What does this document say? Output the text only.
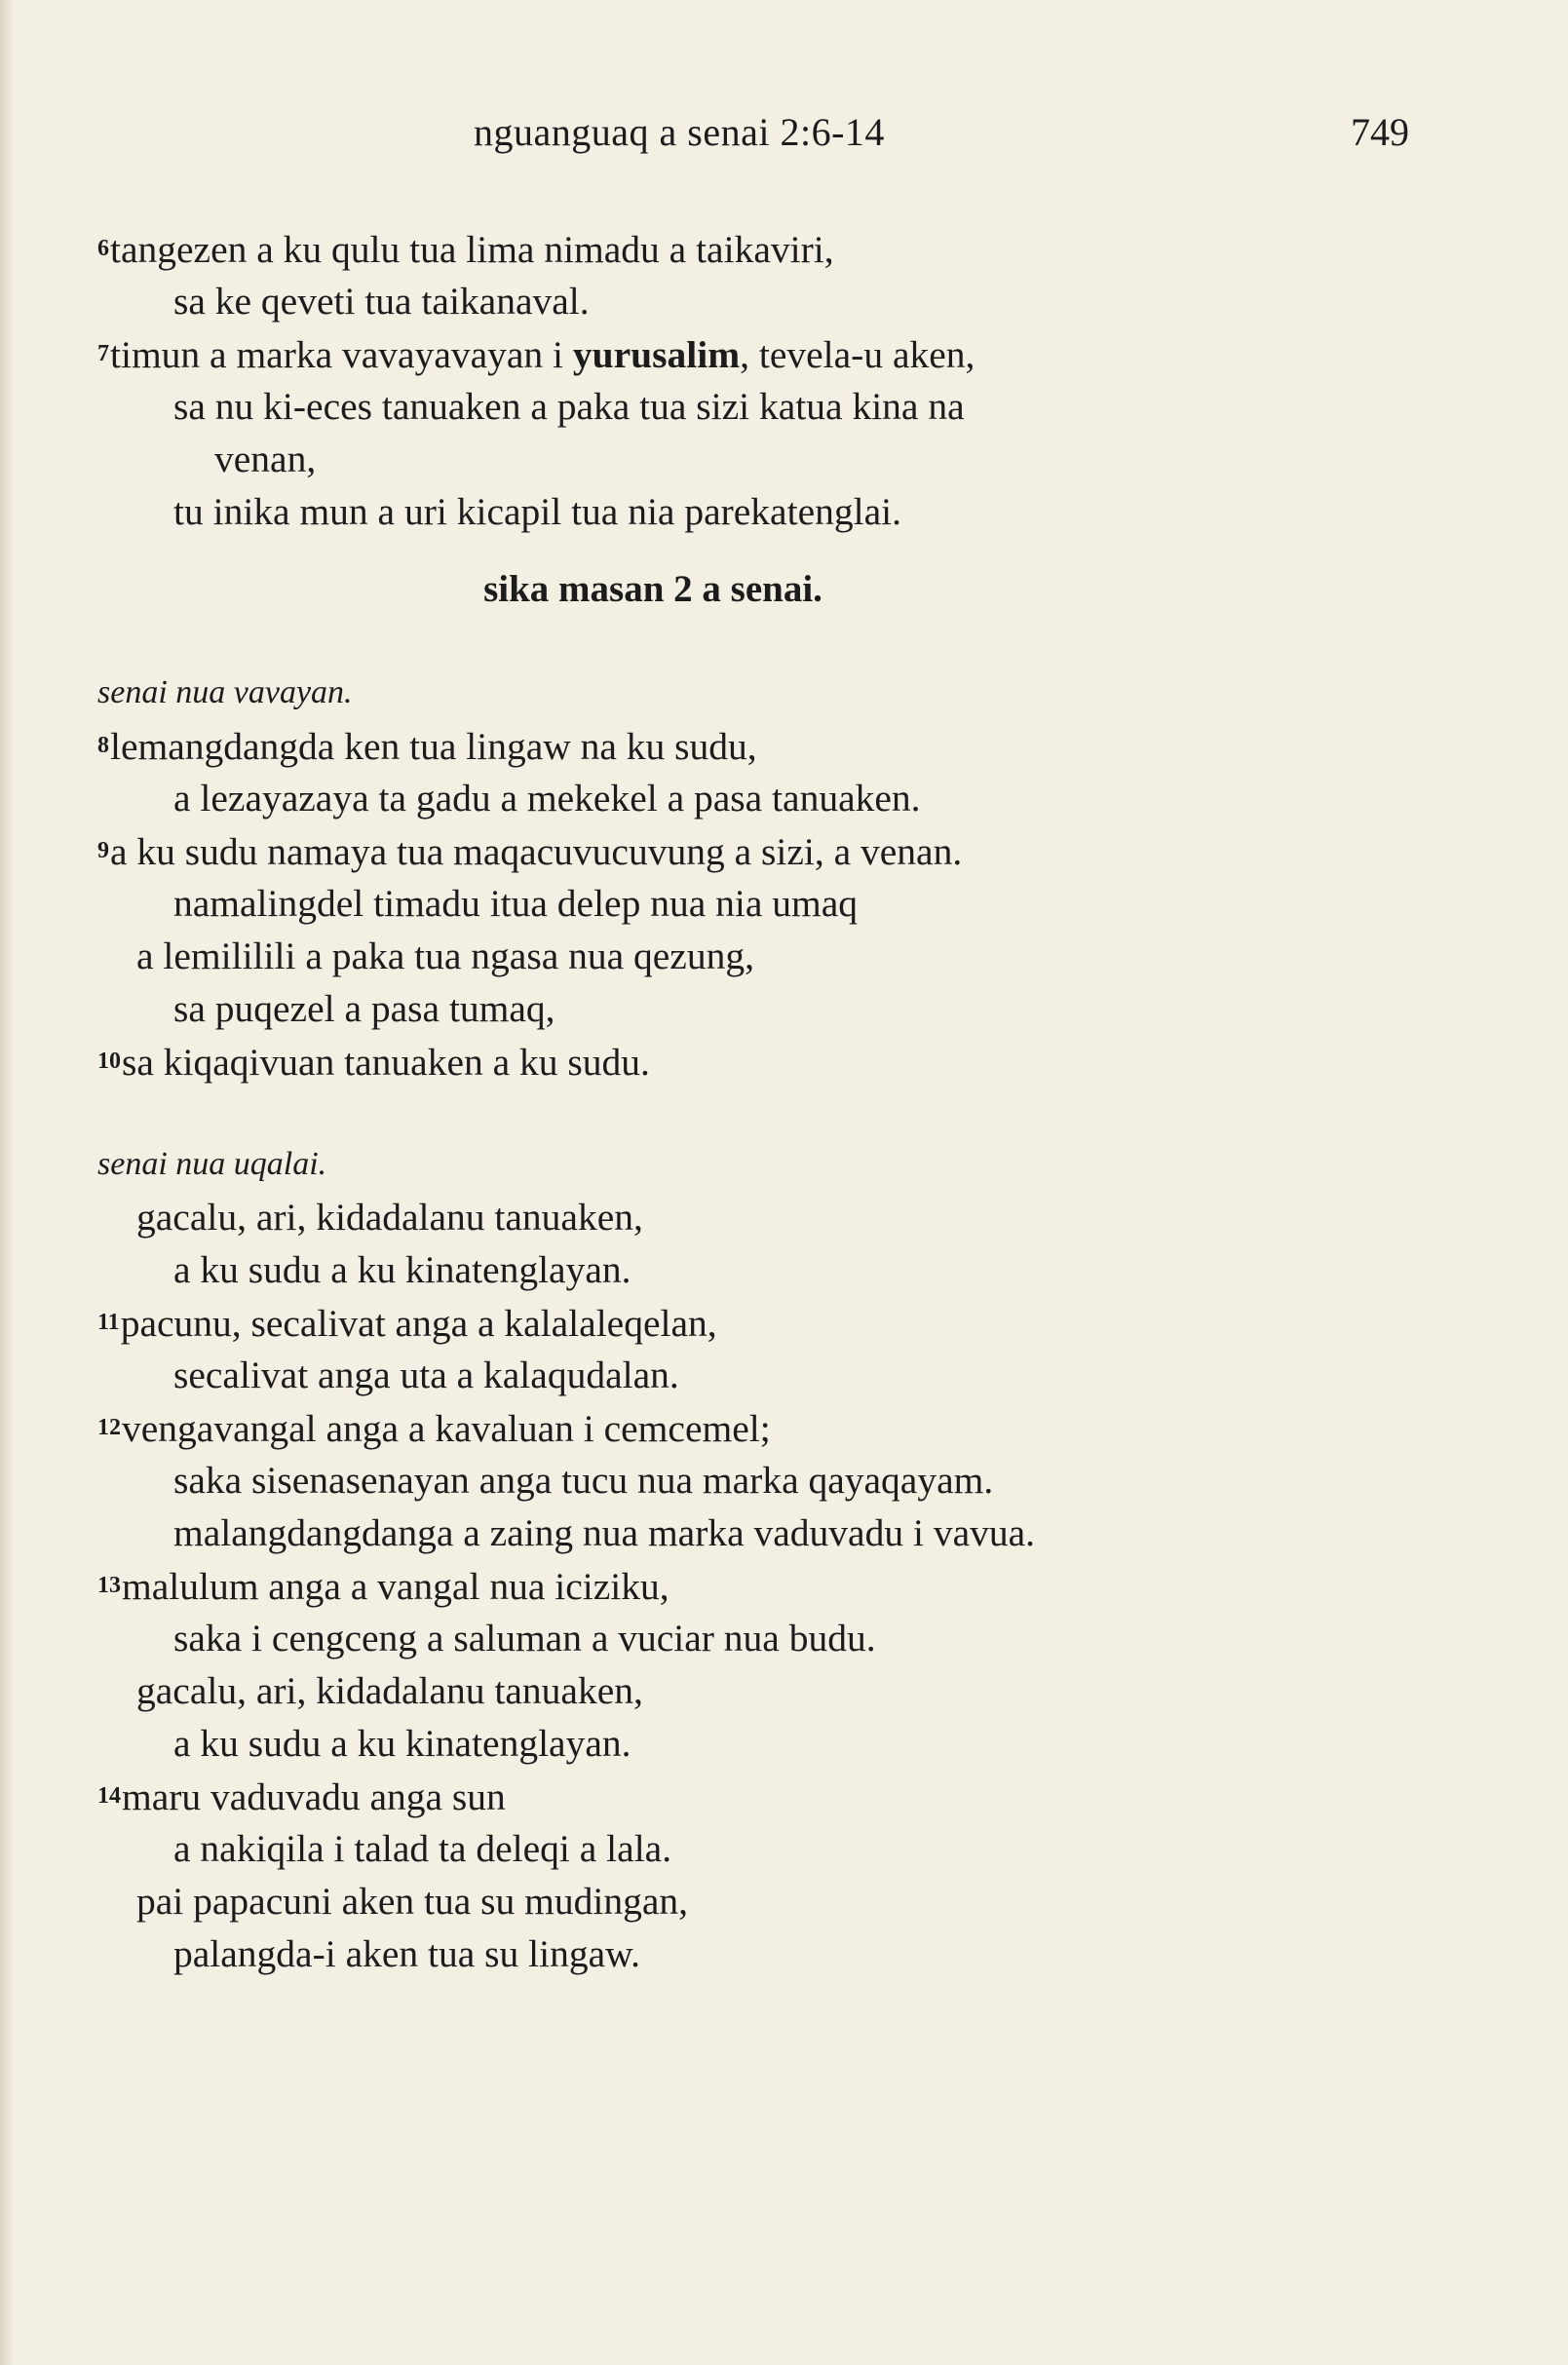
nguanguaq a senai 2:6-14	749
$^6$tangezen a ku qulu tua lima nimadu a taikaviri,
sa ke qeveti tua taikanaval.
$^7$timun a marka vavayavayan i yurusalim, tevela-u aken,
sa nu ki-eces tanuaken a paka tua sizi katua kina na
venan,
tu inika mun a uri kicapil tua nia parekatenglai.
sika masan 2 a senai.
senai nua vavayan.
$^8$lemangdangda ken tua lingaw na ku sudu,
a lezayazaya ta gadu a mekekel a pasa tanuaken.
$^9$a ku sudu namaya tua maqacuvucuvung a sizi, a venan.
namalingdel timadu itua delep nua nia umaq
a lemililili a paka tua ngasa nua qezung,
sa puqezel a pasa tumaq,
$^{10}$sa kiqaqivuan tanuaken a ku sudu.
senai nua uqalai.
gacalu, ari, kidadalanu tanuaken,
a ku sudu a ku kinatenglayan.
$^{11}$pacunu, secalivat anga a kalalaleqelan,
secalivat anga uta a kalaqudalan.
$^{12}$vengavangal anga a kavaluan i cemcemel;
saka sisenasenayan anga tucu nua marka qayaqayam.
malangdangdanga a zaing nua marka vaduvadu i vavua.
$^{13}$malulum anga a vangal nua iciziku,
saka i cengceng a saluman a vuciar nua budu.
gacalu, ari, kidadalanu tanuaken,
a ku sudu a ku kinatenglayan.
$^{14}$maru vaduvadu anga sun
a nakiqila i talad ta deleqi a lala.
pai papacuni aken tua su mudingan,
palangda-i aken tua su lingaw.
